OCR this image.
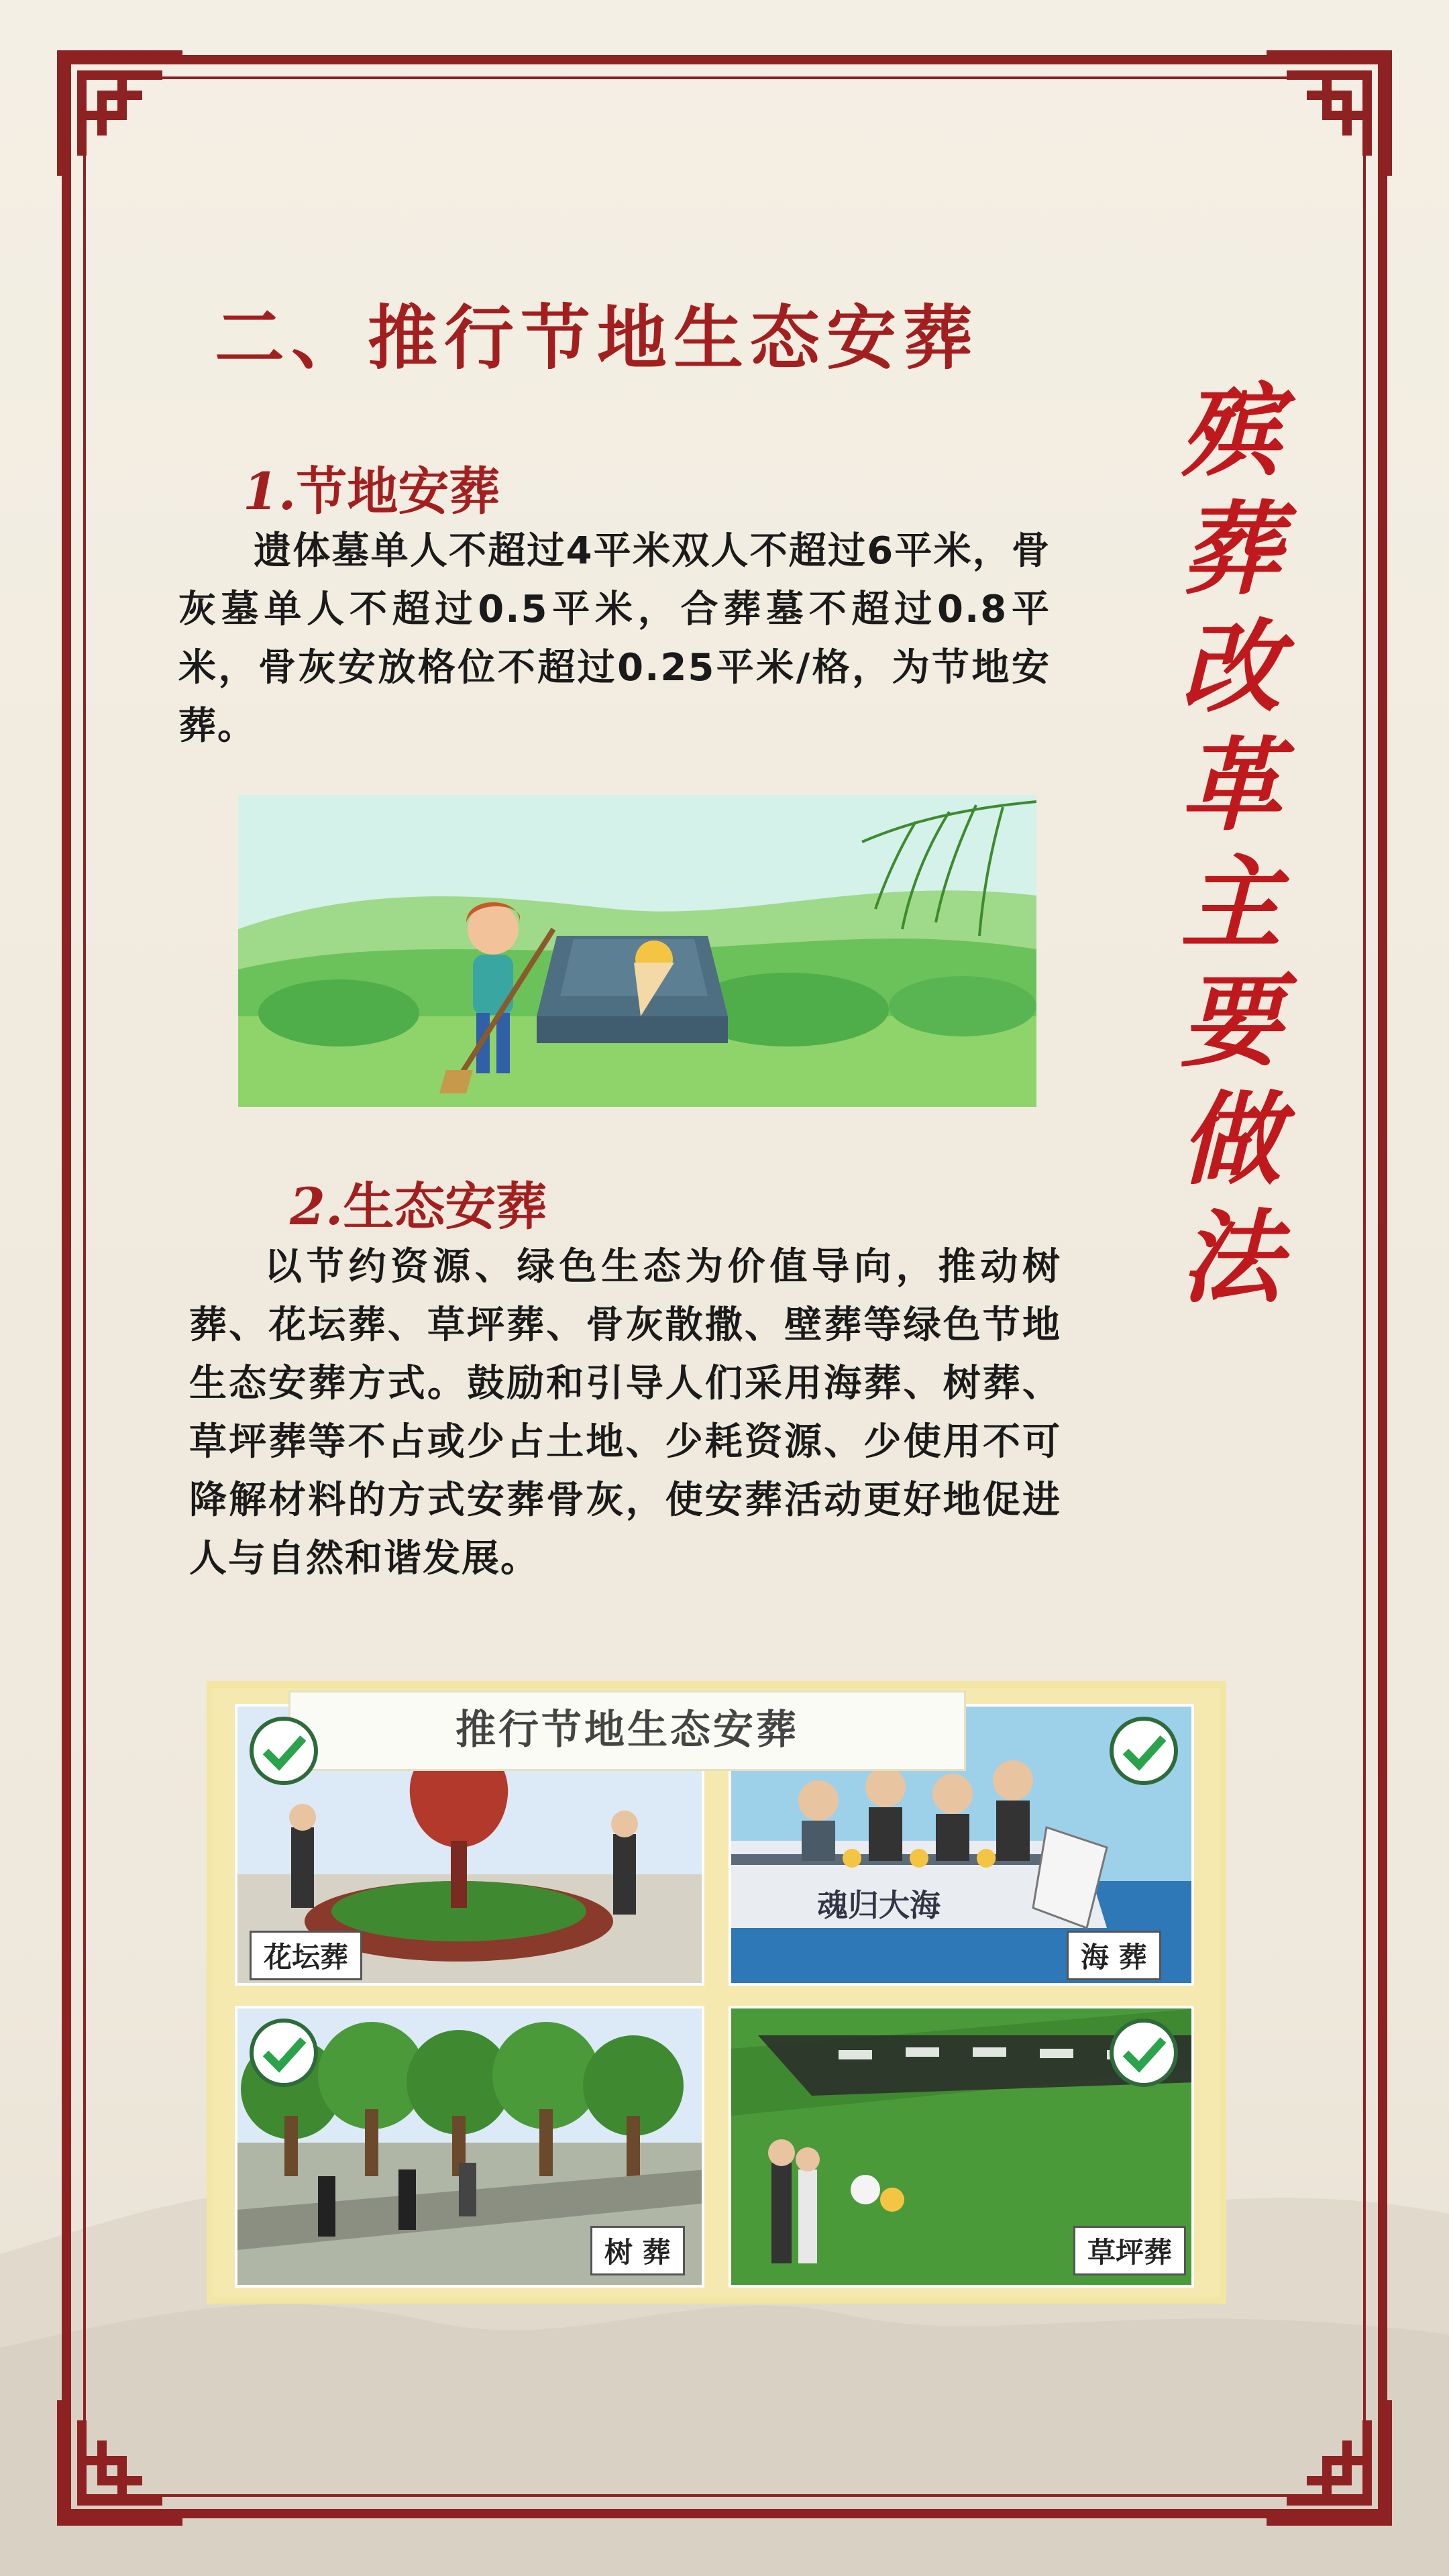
二、推行节地生态安葬
殡葬改革主要做法
1.节地安葬
遗体墓单人不超过4平米双人不超过6平米，骨灰墓单人不超过0.5平米，合葬墓不超过0.8平米，骨灰安放格位不超过0.25平米/格，为节地安葬。
2.生态安葬
以节约资源、绿色生态为价值导向，推动树葬、花坛葬、草坪葬、骨灰散撒、壁葬等绿色节地生态安葬方式。鼓励和引导人们采用海葬、树葬、草坪葬等不占或少占土地、少耗资源、少使用不可降解材料的方式安葬骨灰，使安葬活动更好地促进人与自然和谐发展。
推行节地生态安葬
魂归大海
花坛葬	海 葬
树 葬	草坪葬
